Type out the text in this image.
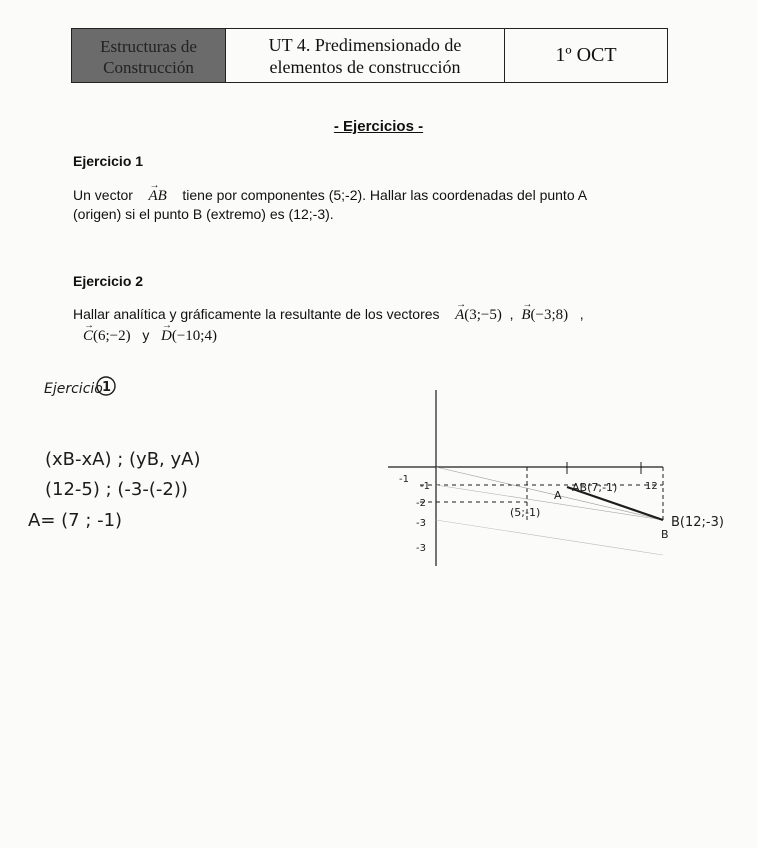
Estructuras de
Construcción
UT 4. Predimensionado de
elementos de construcción
1º OCT
- Ejercicios -
Ejercicio 1
Un vector → AB tiene por componentes (5;-2). Hallar las coordenadas del punto A
(origen) si el punto B (extremo) es (12;-3).
Ejercicio 2
Hallar analítica y gráficamente la resultante de los vectores → A(3;−5) , → B(−3;8) ,
→ C(6;−2) y → D(−10;4)
Ejercicio 1
(xB-xA) ; (yB, yA)
(12-5) ; (-3-(-2))
A= (7 ; -1)
-1
-1
-2
-3
-3
12
(5;-1)
A
AB(7;-1)
B
B(12;-3)
